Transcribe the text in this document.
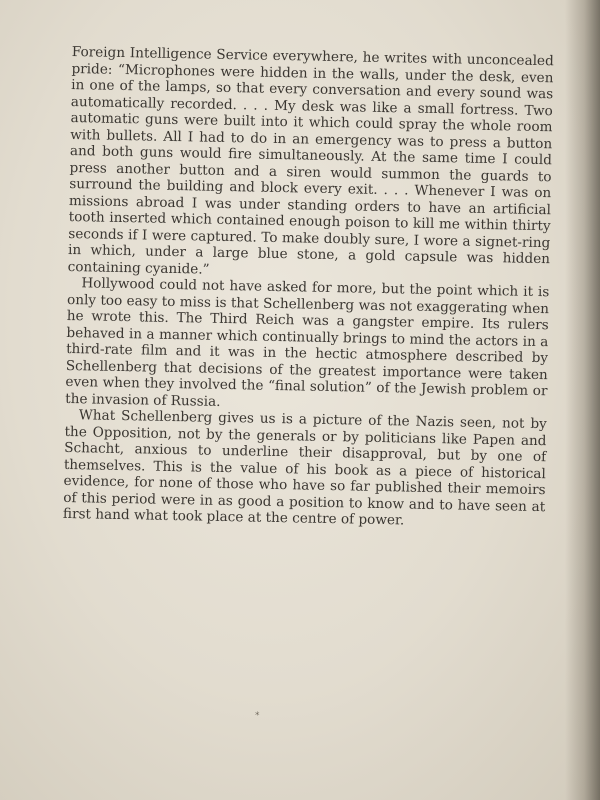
Foreign Intelligence Service everywhere, he writes with unconcealed pride: “Microphones were hidden in the walls, under the desk, even in one of the lamps, so that every conversation and every sound was automatically recorded. . . . My desk was like a small fortress. Two automatic guns were built into it which could spray the whole room with bullets. All I had to do in an emergency was to press a button and both guns would fire simultaneously. At the same time I could press another button and a siren would summon the guards to surround the building and block every exit. . . . Whenever I was on missions abroad I was under standing orders to have an artificial tooth inserted which contained enough poison to kill me within thirty seconds if I were captured. To make doubly sure, I wore a signet-ring in which, under a large blue stone, a gold capsule was hidden containing cyanide.”

Hollywood could not have asked for more, but the point which it is only too easy to miss is that Schellenberg was not exaggerating when he wrote this. The Third Reich was a gangster empire. Its rulers behaved in a manner which continually brings to mind the actors in a third-rate film and it was in the hectic atmosphere described by Schellenberg that decisions of the greatest importance were taken even when they involved the “final solution” of the Jewish problem or the invasion of Russia.

What Schellenberg gives us is a picture of the Nazis seen, not by the Opposition, not by the generals or by politicians like Papen and Schacht, anxious to underline their disapproval, but by one of themselves. This is the value of his book as a piece of historical evidence, for none of those who have so far published their memoirs of this period were in as good a position to know and to have seen at first hand what took place at the centre of power.

⁎
